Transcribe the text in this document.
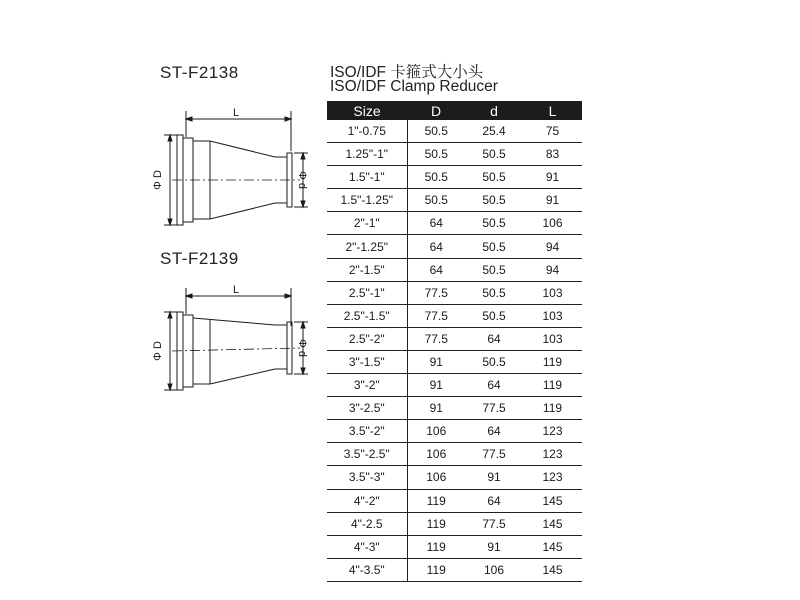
ST-F2138
ST-F2139
ISO/IDF 卡箍式大小头
ISO/IDF Clamp Reducer
L
Φ D	Φ d
L
Φ D	Φ d
Size	D	d	L
1"-0.75	50.5	25.4	75
1.25"-1"	50.5	50.5	83
1.5"-1"	50.5	50.5	91
1.5"-1.25"	50.5	50.5	91
2"-1"	64	50.5	106
2"-1.25"	64	50.5	94
2"-1.5"	64	50.5	94
2.5"-1"	77.5	50.5	103
2.5"-1.5"	77.5	50.5	103
2.5"-2"	77.5	64	103
3"-1.5"	91	50.5	119
3"-2"	91	64	119
3"-2.5"	91	77.5	119
3.5"-2"	106	64	123
3.5"-2.5"	106	77.5	123
3.5"-3"	106	91	123
4"-2"	119	64	145
4"-2.5	119	77.5	145
4"-3"	119	91	145
4"-3.5"	119	106	145
